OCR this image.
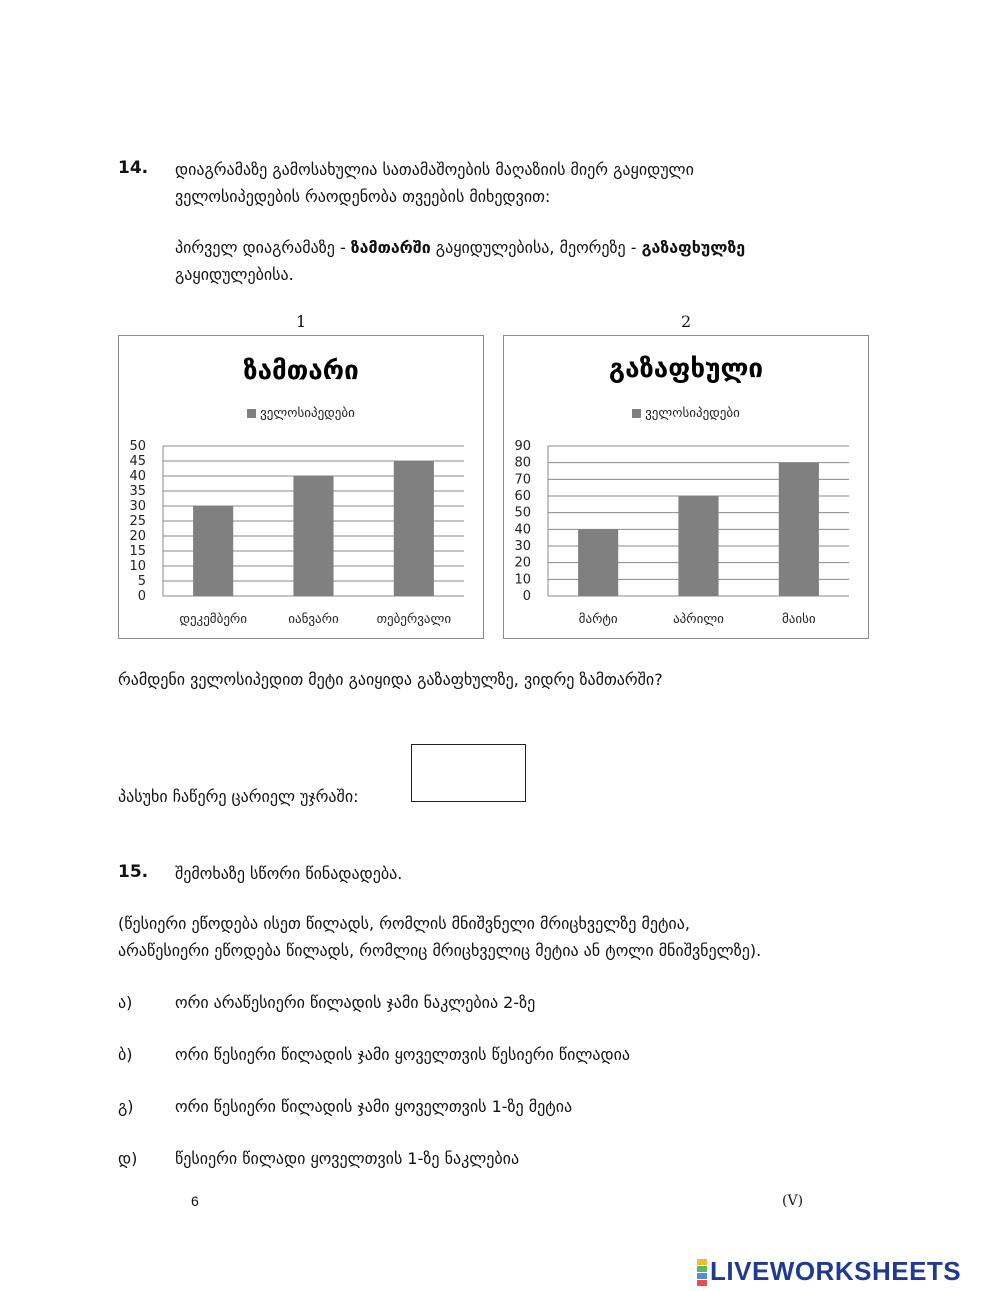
14. დიაგრამაზე გამოსახულია სათამაშოების მაღაზიის მიერ გაყიდული
ველოსიპედების რაოდენობა თვეების მიხედვით:
პირველ დიაგრამაზე - ზამთარში გაყიდულებისა, მეორეზე - გაზაფხულზე
გაყიდულებისა.
1
ზამთარი
ველოსიპედები
0
5
10
15
20
25
30
35
40
45
50
დეკემბერი	იანვარი	თებერვალი
2
გაზაფხული
ველოსიპედები
0
10
20
30
40
50
60
70
80
90
მარტი	აპრილი	მაისი
რამდენი ველოსიპედით მეტი გაიყიდა გაზაფხულზე, ვიდრე ზამთარში?
პასუხი ჩაწერე ცარიელ უჯრაში:
15. შემოხაზე სწორი წინადადება.
(წესიერი ეწოდება ისეთ წილადს, რომლის მნიშვნელი მრიცხველზე მეტია,
არაწესიერი ეწოდება წილადს, რომლიც მრიცხველიც მეტია ან ტოლი მნიშვნელზე).
ა)	ორი არაწესიერი წილადის ჯამი ნაკლებია 2-ზე
ბ)	ორი წესიერი წილადის ჯამი ყოველთვის წესიერი წილადია
გ)	ორი წესიერი წილადის ჯამი ყოველთვის 1-ზე მეტია
დ) წესიერი წილადი ყოველთვის 1-ზე ნაკლებია
6	(V)
LIVEWORKSHEETS
